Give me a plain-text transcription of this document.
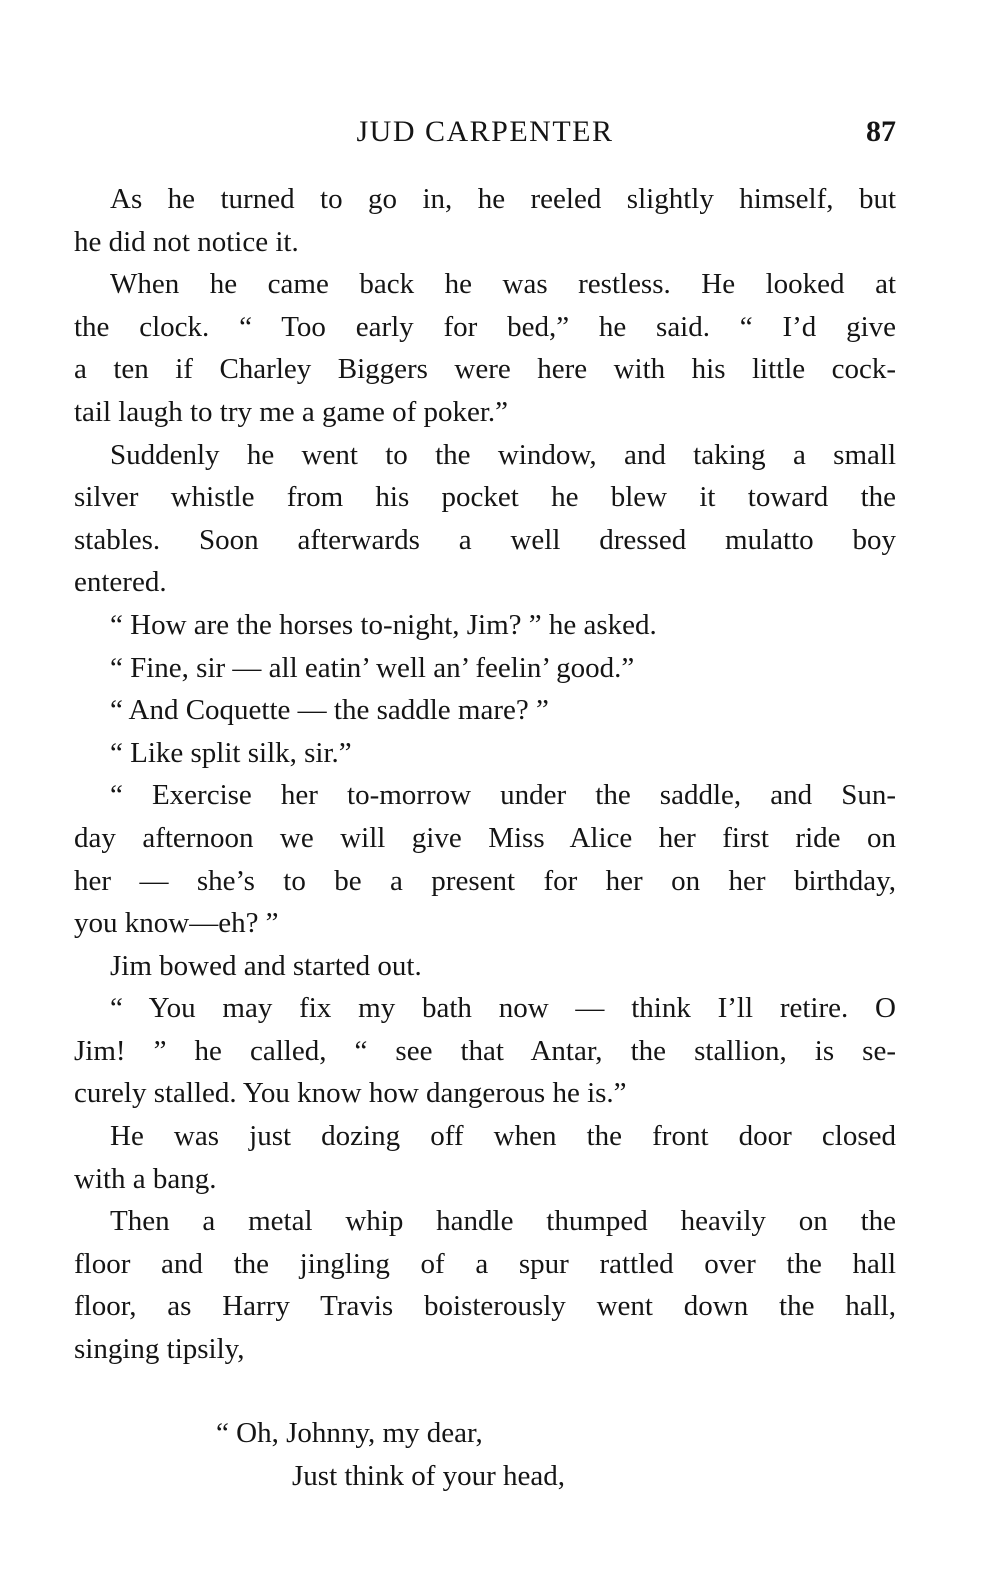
JUD CARPENTER	87
As he turned to go in, he reeled slightly himself, but
he did not notice it.
When he came back he was restless. He looked at
the clock. “ Too early for bed,” he said. “ I’d give
a ten if Charley Biggers were here with his little cock-
tail laugh to try me a game of poker.”
Suddenly he went to the window, and taking a small
silver whistle from his pocket he blew it toward the
stables. Soon afterwards a well dressed mulatto boy
entered.
“ How are the horses to-night, Jim? ” he asked.
“ Fine, sir — all eatin’ well an’ feelin’ good.”
“ And Coquette — the saddle mare? ”
“ Like split silk, sir.”
“ Exercise her to-morrow under the saddle, and Sun-
day afternoon we will give Miss Alice her first ride on
her — she’s to be a present for her on her birthday,
you know—eh? ”
Jim bowed and started out.
“ You may fix my bath now — think I’ll retire. O
Jim! ” he called, “ see that Antar, the stallion, is se-
curely stalled. You know how dangerous he is.”
He was just dozing off when the front door closed
with a bang.
Then a metal whip handle thumped heavily on the
floor and the jingling of a spur rattled over the hall
floor, as Harry Travis boisterously went down the hall,
singing tipsily,
“ Oh, Johnny, my dear,
Just think of your head,
